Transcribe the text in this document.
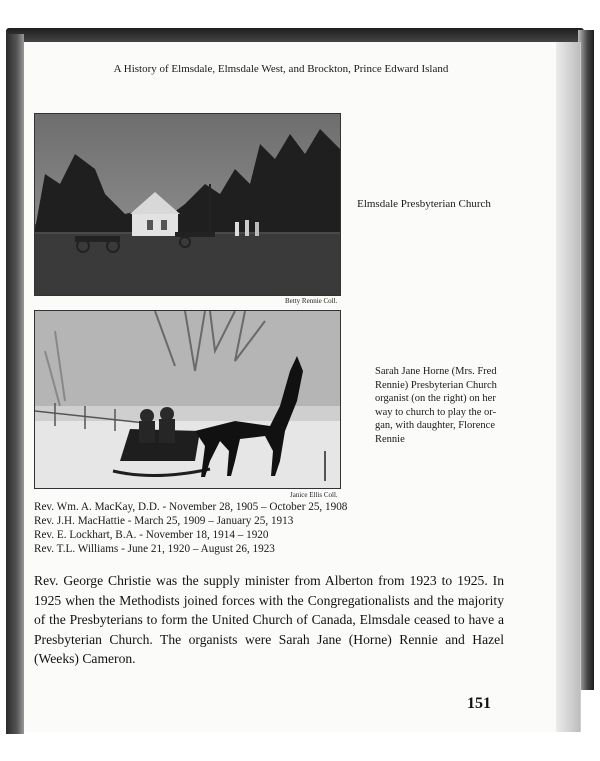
A History of Elmsdale, Elmsdale West, and Brockton, Prince Edward Island
Betty Rennie Coll.
Elmsdale Presbyterian Church
Janice Ellis Coll.
Sarah Jane Horne (Mrs. Fred Rennie) Presbyterian Church organist (on the right) on her way to church to play the or-gan, with daughter, Florence Rennie
Rev. Wm. A. MacKay, D.D. - November 28, 1905 – October 25, 1908
Rev. J.H. MacHattie - March 25, 1909 – January 25, 1913
Rev. E. Lockhart, B.A. - November 18, 1914 – 1920
Rev. T.L. Williams - June 21, 1920 – August 26, 1923
Rev. George Christie was the supply minister from Alberton from 1923 to 1925. In 1925 when the Methodists joined forces with the Congregationalists and the majority of the Presbyterians to form the United Church of Canada, Elmsdale ceased to have a Presbyterian Church. The organists were Sarah Jane (Horne) Rennie and Hazel (Weeks) Cameron.
151
